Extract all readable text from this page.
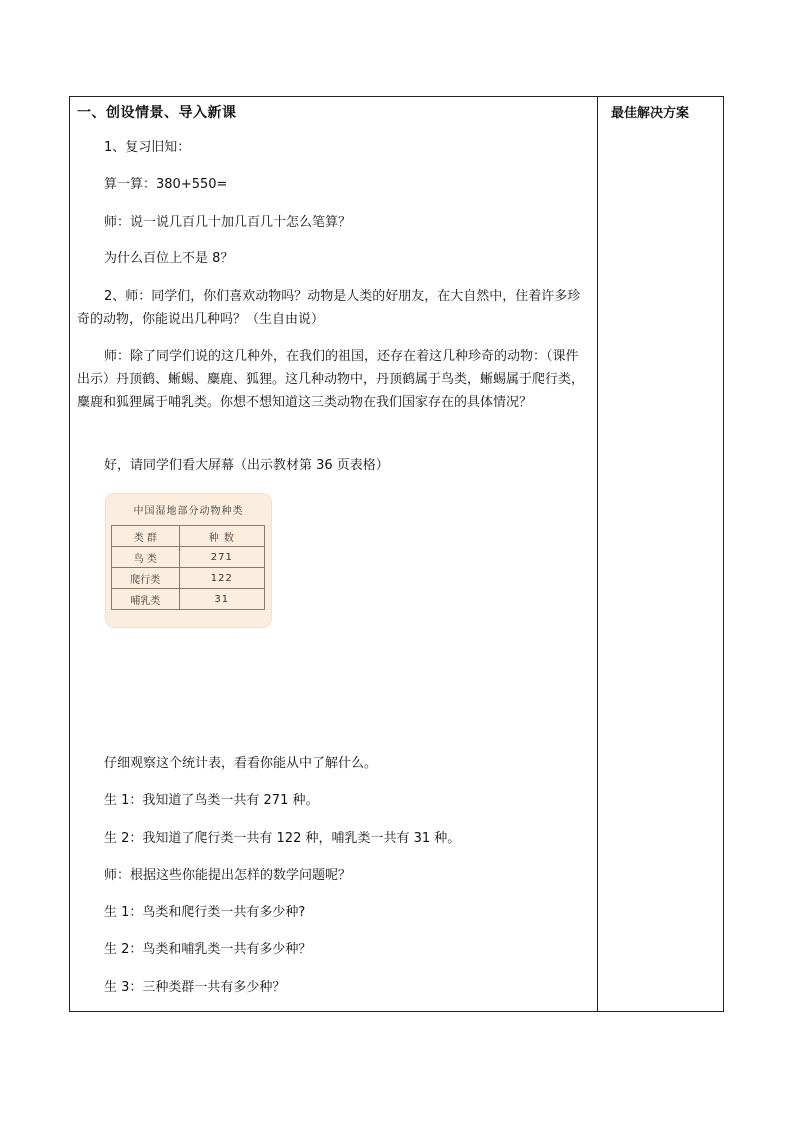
一、创设情景、导入新课
1、复习旧知：
算一算：380+550=
师：说一说几百几十加几百几十怎么笔算？
为什么百位上不是 8？
2、师：同学们，你们喜欢动物吗？动物是人类的好朋友，在大自然中，住着许多珍奇的动物，你能说出几种吗？（生自由说）
师：除了同学们说的这几种外，在我们的祖国，还存在着这几种珍奇的动物：（课件出示）丹顶鹤、蜥蜴、麋鹿、狐狸。这几种动物中，丹顶鹤属于鸟类，蜥蜴属于爬行类，麋鹿和狐狸属于哺乳类。你想不想知道这三类动物在我们国家存在的具体情况？
好，请同学们看大屏幕（出示教材第 36 页表格）
中国湿地部分动物种类
类 群	种 数
鸟 类	271
爬行类	122
哺乳类	31
仔细观察这个统计表，看看你能从中了解什么。
生 1：我知道了鸟类一共有 271 种。
生 2：我知道了爬行类一共有 122 种，哺乳类一共有 31 种。
师：根据这些你能提出怎样的数学问题呢？
生 1：鸟类和爬行类一共有多少种?
生 2：鸟类和哺乳类一共有多少种？
生 3：三种类群一共有多少种？
最佳解决方案
